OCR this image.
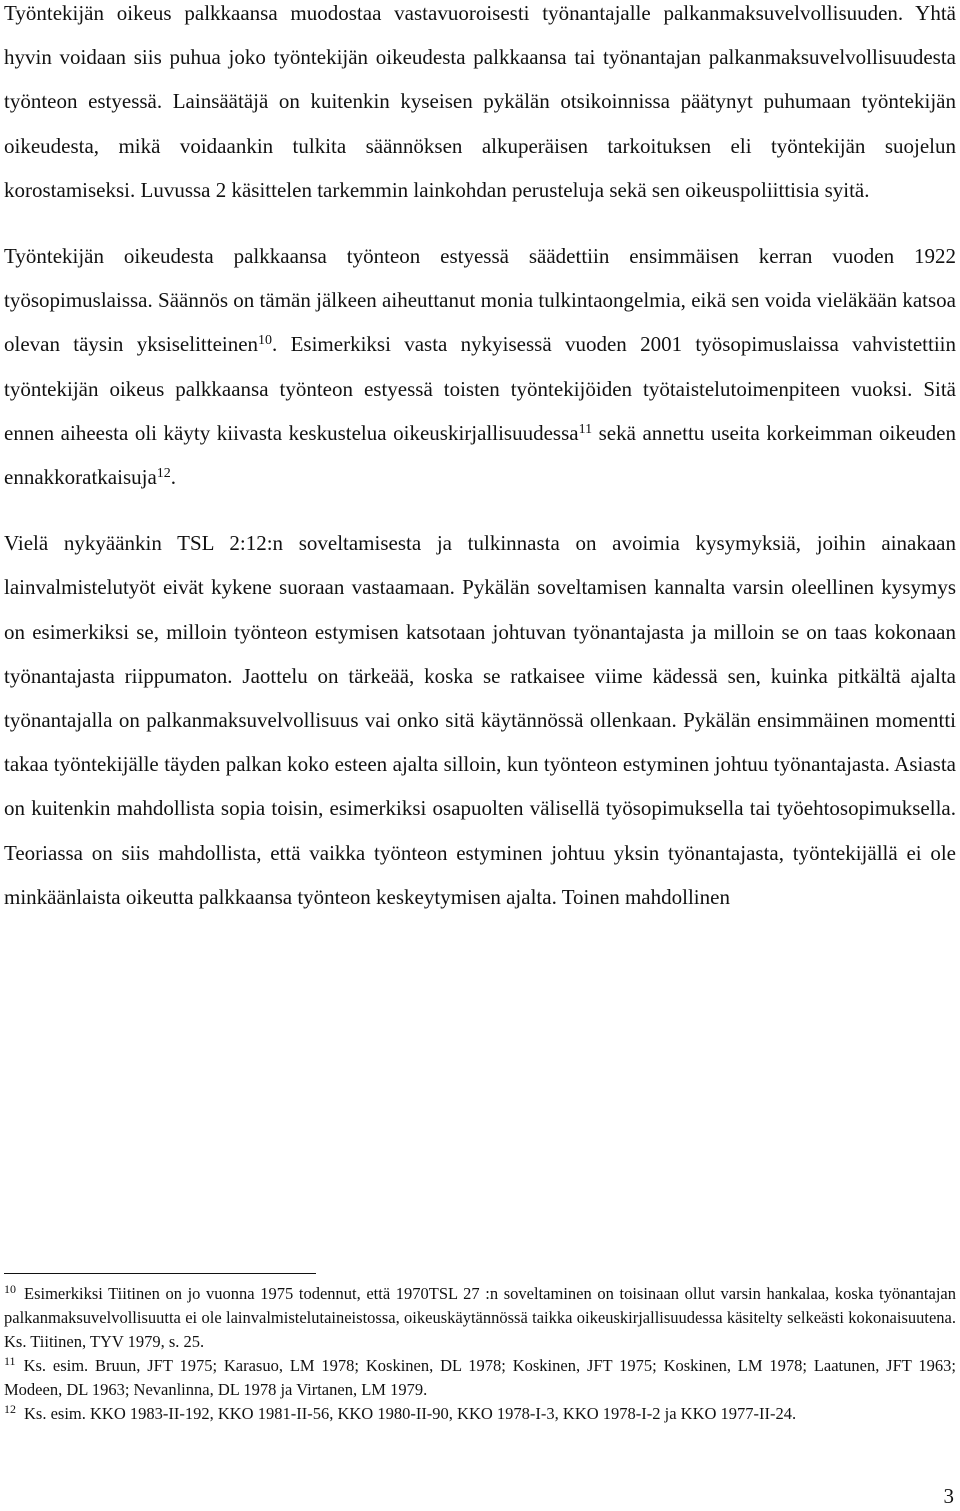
Työntekijän oikeus palkkaansa muodostaa vastavuoroisesti työnantajalle palkanmaksuvelvollisuuden. Yhtä hyvin voidaan siis puhua joko työntekijän oikeudesta palkkaansa tai työnantajan palkanmaksuvelvollisuudesta työnteon estyessä. Lainsäätäjä on kuitenkin kyseisen pykälän otsikoinnissa päätynyt puhumaan työntekijän oikeudesta, mikä voidaankin tulkita säännöksen alkuperäisen tarkoituksen eli työntekijän suojelun korostamiseksi. Luvussa 2 käsittelen tarkemmin lainkohdan perusteluja sekä sen oikeuspoliittisia syitä.

Työntekijän oikeudesta palkkaansa työnteon estyessä säädettiin ensimmäisen kerran vuoden 1922 työsopimuslaissa. Säännös on tämän jälkeen aiheuttanut monia tulkintaongelmia, eikä sen voida vieläkään katsoa olevan täysin yksiselitteinen$^{10}$. Esimerkiksi vasta nykyisessä vuoden 2001 työsopimuslaissa vahvistettiin työntekijän oikeus palkkaansa työnteon estyessä toisten työntekijöiden työtaistelutoimenpiteen vuoksi. Sitä ennen aiheesta oli käyty kiivasta keskustelua oikeuskirjallisuudessa$^{11}$ sekä annettu useita korkeimman oikeuden ennakkoratkaisuja$^{12}$.

Vielä nykyäänkin TSL 2:12:n soveltamisesta ja tulkinnasta on avoimia kysymyksiä, joihin ainakaan lainvalmistelutyöt eivät kykene suoraan vastaamaan. Pykälän soveltamisen kannalta varsin oleellinen kysymys on esimerkiksi se, milloin työnteon estymisen katsotaan johtuvan työnantajasta ja milloin se on taas kokonaan työnantajasta riippumaton. Jaottelu on tärkeää, koska se ratkaisee viime kädessä sen, kuinka pitkältä ajalta työnantajalla on palkanmaksuvelvollisuus vai onko sitä käytännössä ollenkaan. Pykälän ensimmäinen momentti takaa työntekijälle täyden palkan koko esteen ajalta silloin, kun työnteon estyminen johtuu työnantajasta. Asiasta on kuitenkin mahdollista sopia toisin, esimerkiksi osapuolten välisellä työsopimuksella tai työehtosopimuksella. Teoriassa on siis mahdollista, että vaikka työnteon estyminen johtuu yksin työnantajasta, työntekijällä ei ole minkäänlaista oikeutta palkkaansa työnteon keskeytymisen ajalta. Toinen mahdollinen

$^{10}$ Esimerkiksi Tiitinen on jo vuonna 1975 todennut, että 1970TSL 27 :n soveltaminen on toisinaan ollut varsin hankalaa, koska työnantajan palkanmaksuvelvollisuutta ei ole lainvalmistelutaineistossa, oikeuskäytännössä taikka oikeuskirjallisuudessa käsitelty selkeästi kokonaisuutena. Ks. Tiitinen, TYV 1979, s. 25.

$^{11}$ Ks. esim. Bruun, JFT 1975; Karasuo, LM 1978; Koskinen, DL 1978; Koskinen, JFT 1975; Koskinen, LM 1978; Laatunen, JFT 1963; Modeen, DL 1963; Nevanlinna, DL 1978 ja Virtanen, LM 1979.

$^{12}$ Ks. esim. KKO 1983-II-192, KKO 1981-II-56, KKO 1980-II-90, KKO 1978-I-3, KKO 1978-I-2 ja KKO 1977-II-24.

3
